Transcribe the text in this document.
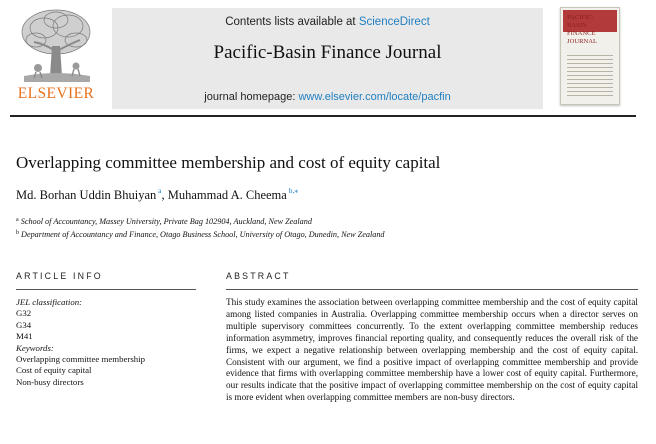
ELSEVIER
Contents lists available at ScienceDirect
Pacific-Basin Finance Journal
journal homepage: www.elsevier.com/locate/pacfin
PACIFIC-
BASIN
FINANCE
JOURNAL
Overlapping committee membership and cost of equity capital
Md. Borhan Uddin Bhuiyan $^a$, Muhammad A. Cheema $^{b,⁎}$
$^a$ School of Accountancy, Massey University, Private Bag 102904, Auckland, New Zealand
$^b$ Department of Accountancy and Finance, Otago Business School, University of Otago, Dunedin, New Zealand
ARTICLE INFO
JEL classification:
G32
G34
M41
Keywords:
Overlapping committee membership
Cost of equity capital
Non-busy directors
ABSTRACT

This study examines the association between overlapping committee membership and the cost of equity capital among listed companies in Australia. Overlapping committee membership occurs when a director serves on multiple supervisory committees concurrently. To the extent overlapping committee membership reduces information asymmetry, improves financial reporting quality, and consequently reduces the overall risk of the firms, we expect a negative relationship between overlapping membership and the cost of equity capital. Consistent with our argument, we find a positive impact of overlapping committee membership and provide evidence that firms with overlapping committee membership have a lower cost of equity capital. Furthermore, our results indicate that the positive impact of overlapping committee membership on the cost of equity capital is more evident when overlapping committee members are non-busy directors.
